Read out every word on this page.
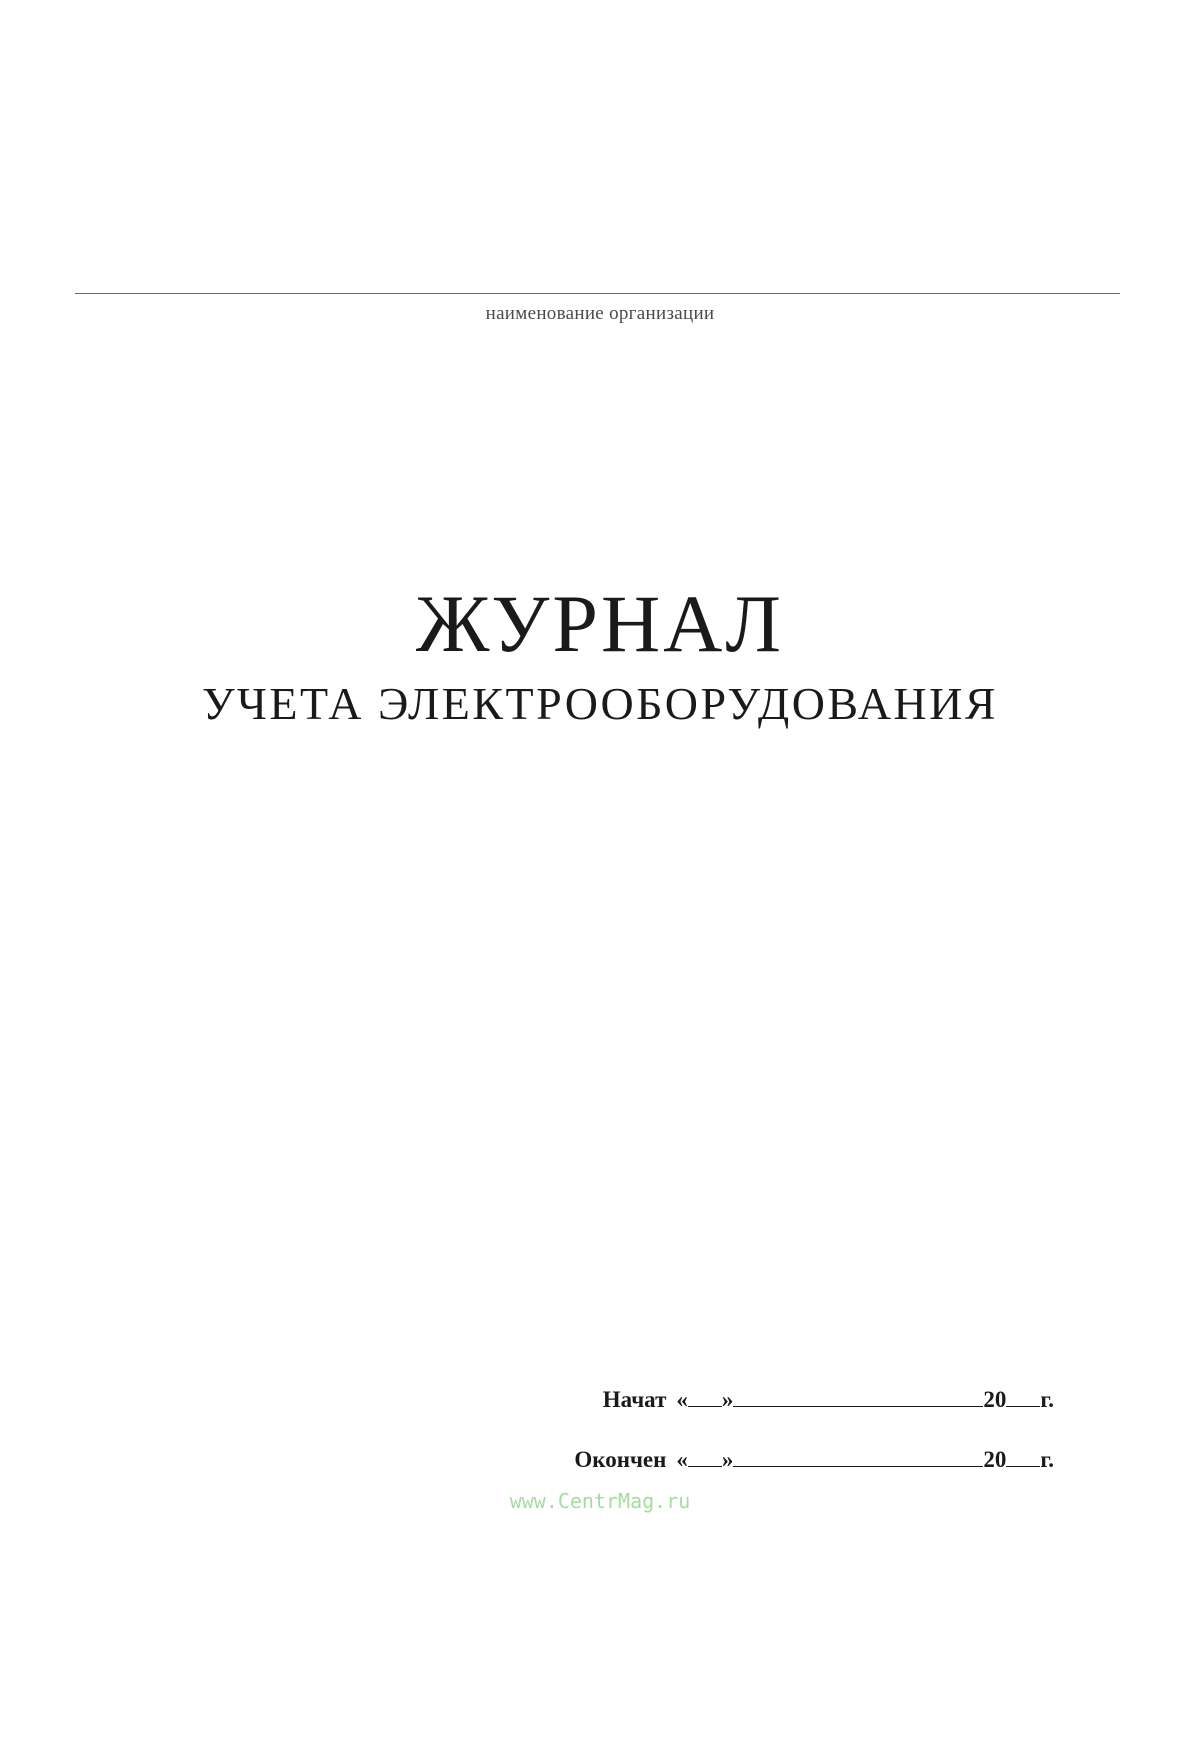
наименование организации
ЖУРНАЛ
УЧЕТА ЭЛЕКТРООБОРУДОВАНИЯ
Начат « »	20 г.
Окончен « »	20 г.
www.CentrMag.ru
